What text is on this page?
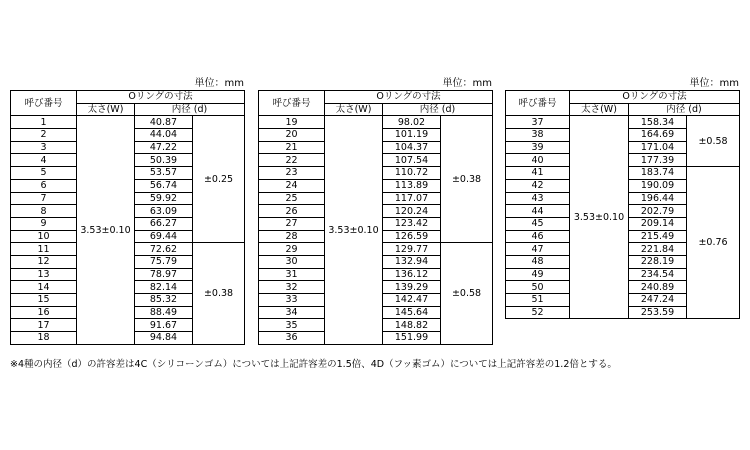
単位：mm
呼び番号	Oリングの寸法		
	太さ(W)	内径 (d)	
1	3.53±0.10	40.87	±0.25
2		44.04	
3		47.22	
4		50.39	
5		53.57	
6		56.74	
7		59.92	
8		63.09	
9		66.27	
10		69.44	
11		72.62	±0.38
12		75.79	
13		78.97	
14		82.14	
15		85.32	
16		88.49	
17		91.67	
18		94.84	
単位：mm
呼び番号	Oリングの寸法		
	太さ(W)	内径 (d)	
19	3.53±0.10	98.02	±0.38
20		101.19	
21		104.37	
22		107.54	
23		110.72	
24		113.89	
25		117.07	
26		120.24	
27		123.42	
28		126.59	
29		129.77	±0.58
30		132.94	
31		136.12	
32		139.29	
33		142.47	
34		145.64	
35		148.82	
36		151.99	
単位：mm
呼び番号	Oリングの寸法		
	太さ(W)	内径 (d)	
37	3.53±0.10	158.34	±0.58
38		164.69	
39		171.04	
40		177.39	
41		183.74	±0.76
42		190.09	
43		196.44	
44		202.79	
45		209.14	
46		215.49	
47		221.84	
48		228.19	
49		234.54	
50		240.89	
51		247.24	
52		253.59	
※4種の内径（d）の許容差は4C（シリコーンゴム）については上記許容差の1.5倍、4D（フッ素ゴム）については上記許容差の1.2倍とする。
